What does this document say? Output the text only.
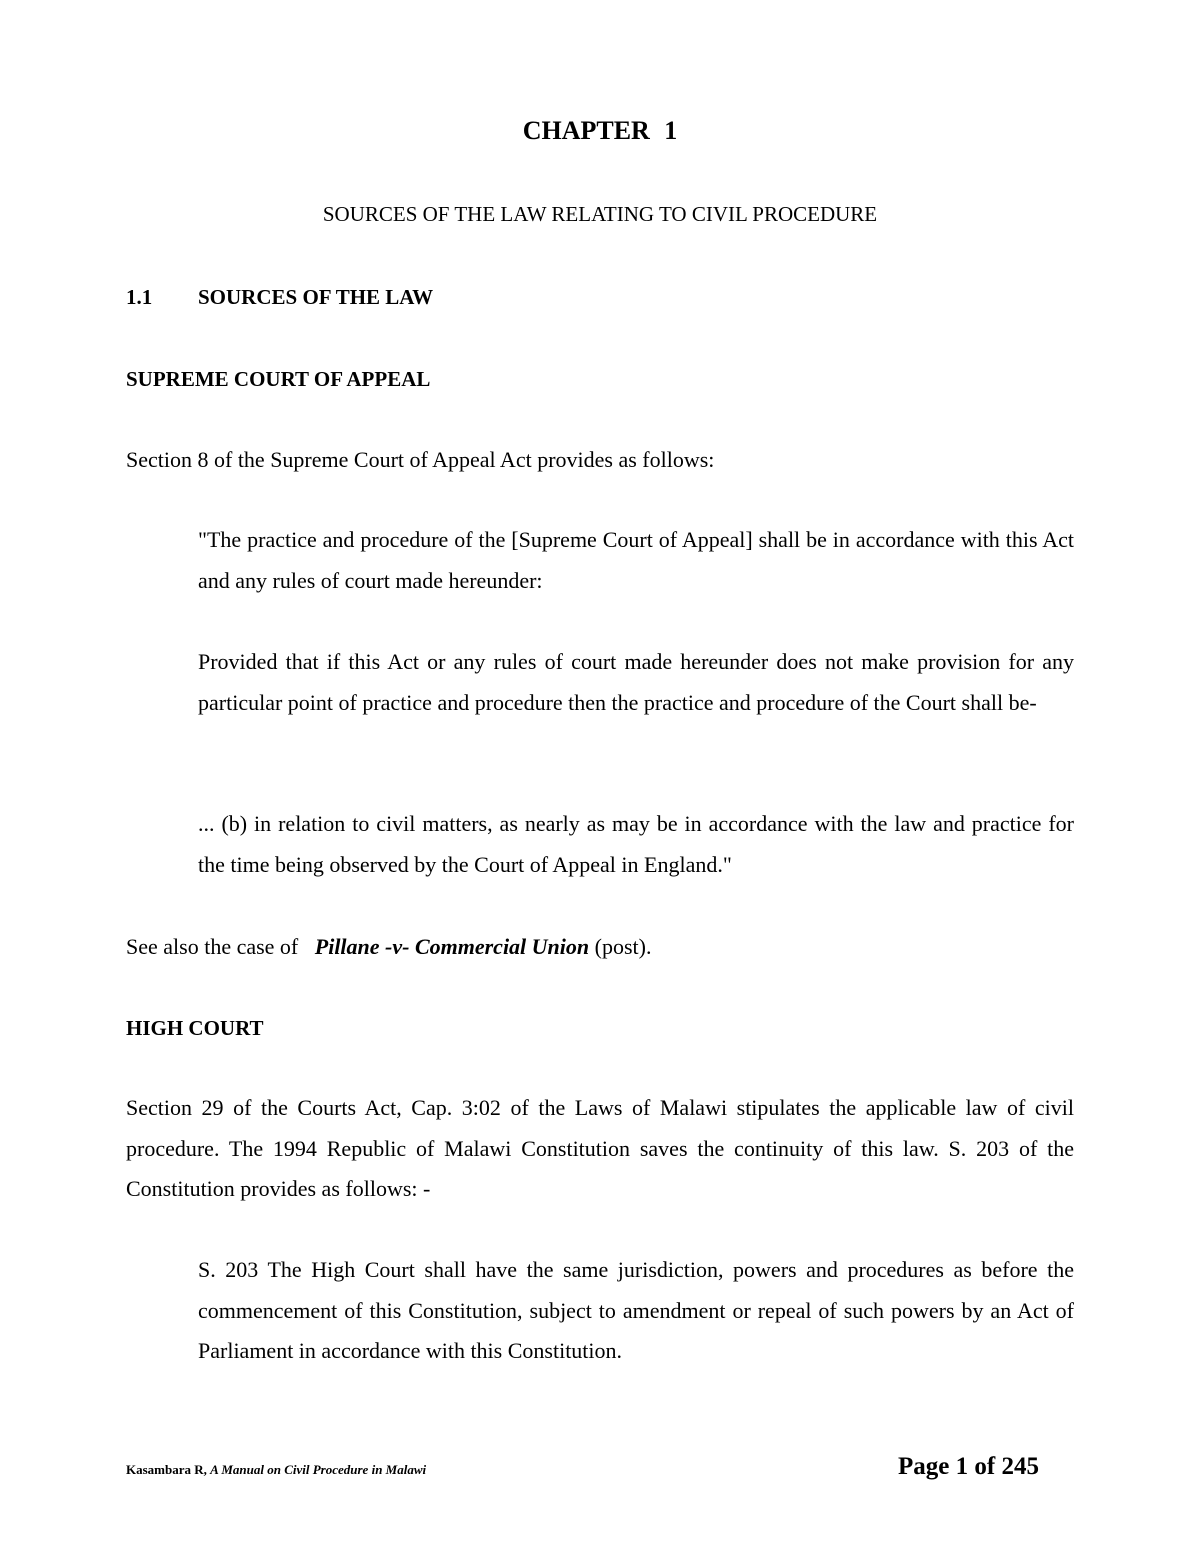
CHAPTER 1
SOURCES OF THE LAW RELATING TO CIVIL PROCEDURE
1.1 SOURCES OF THE LAW
SUPREME COURT OF APPEAL
Section 8 of the Supreme Court of Appeal Act provides as follows:
"The practice and procedure of the [Supreme Court of Appeal] shall be in accordance with this Act and any rules of court made hereunder:
Provided that if this Act or any rules of court made hereunder does not make provision for any particular point of practice and procedure then the practice and procedure of the Court shall be-
... (b) in relation to civil matters, as nearly as may be in accordance with the law and practice for the time being observed by the Court of Appeal in England."
See also the case of Pillane -v- Commercial Union (post).
HIGH COURT
Section 29 of the Courts Act, Cap. 3:02 of the Laws of Malawi stipulates the applicable law of civil procedure. The 1994 Republic of Malawi Constitution saves the continuity of this law. S. 203 of the Constitution provides as follows: -
S. 203 The High Court shall have the same jurisdiction, powers and procedures as before the commencement of this Constitution, subject to amendment or repeal of such powers by an Act of Parliament in accordance with this Constitution.
Kasambara R, A Manual on Civil Procedure in Malawi	Page 1 of 245
